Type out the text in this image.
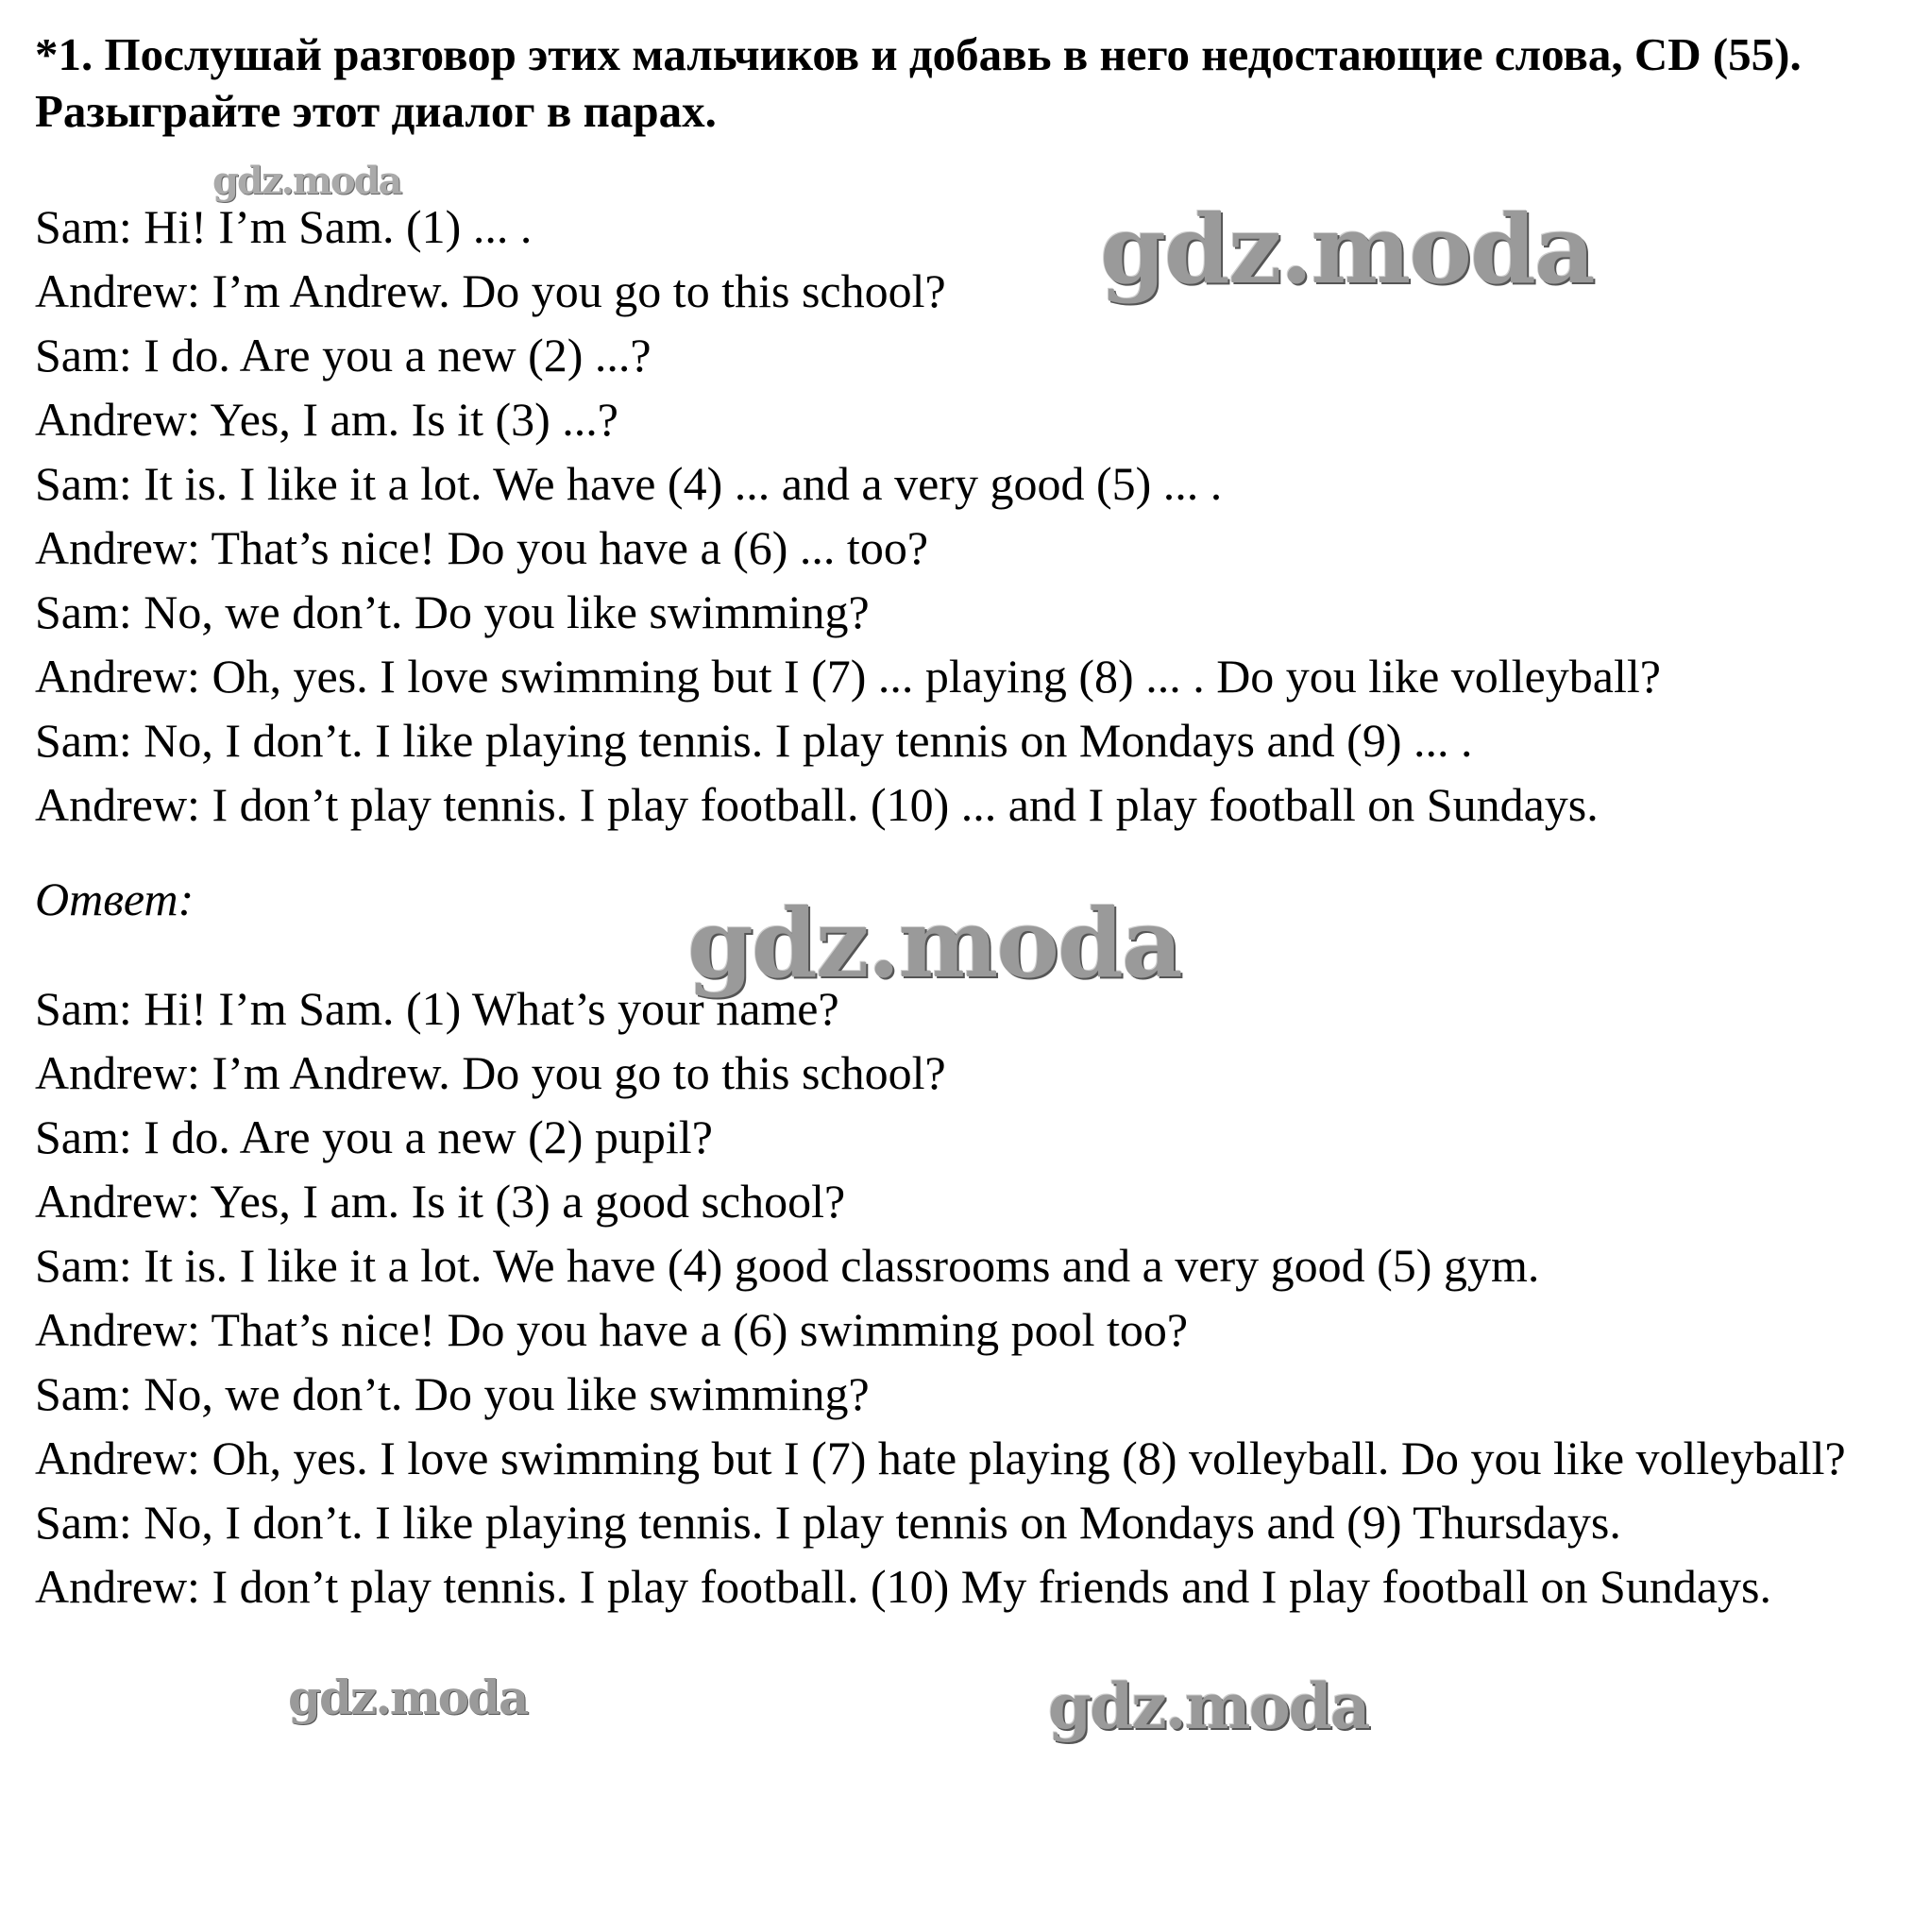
*1. Послушай разговор этих мальчиков и добавь в него недостающие слова, CD (55). Разыграйте этот диалог в парах.
Sam: Hi! I’m Sam. (1) ... .
Andrew: I’m Andrew. Do you go to this school?
Sam: I do. Are you a new (2) ...?
Andrew: Yes, I am. Is it (3) ...?
Sam: It is. I like it a lot. We have (4) ... and a very good (5) ... .
Andrew: That’s nice! Do you have a (6) ... too?
Sam: No, we don’t. Do you like swimming?
Andrew: Oh, yes. I love swimming but I (7) ... playing (8) ... . Do you like volleyball?
Sam: No, I don’t. I like playing tennis. I play tennis on Mondays and (9) ... .
Andrew: I don’t play tennis. I play football. (10) ... and I play football on Sundays.
Ответ:
Sam: Hi! I’m Sam. (1) What’s your name?
Andrew: I’m Andrew. Do you go to this school?
Sam: I do. Are you a new (2) pupil?
Andrew: Yes, I am. Is it (3) a good school?
Sam: It is. I like it a lot. We have (4) good classrooms and a very good (5) gym.
Andrew: That’s nice! Do you have a (6) swimming pool too?
Sam: No, we don’t. Do you like swimming?
Andrew: Oh, yes. I love swimming but I (7) hate playing (8) volleyball. Do you like volleyball?
Sam: No, I don’t. I like playing tennis. I play tennis on Mondays and (9) Thursdays.
Andrew: I don’t play tennis. I play football. (10) My friends and I play football on Sundays.
gdz.moda
gdz.moda
gdz.moda
gdz.moda	gdz.moda
